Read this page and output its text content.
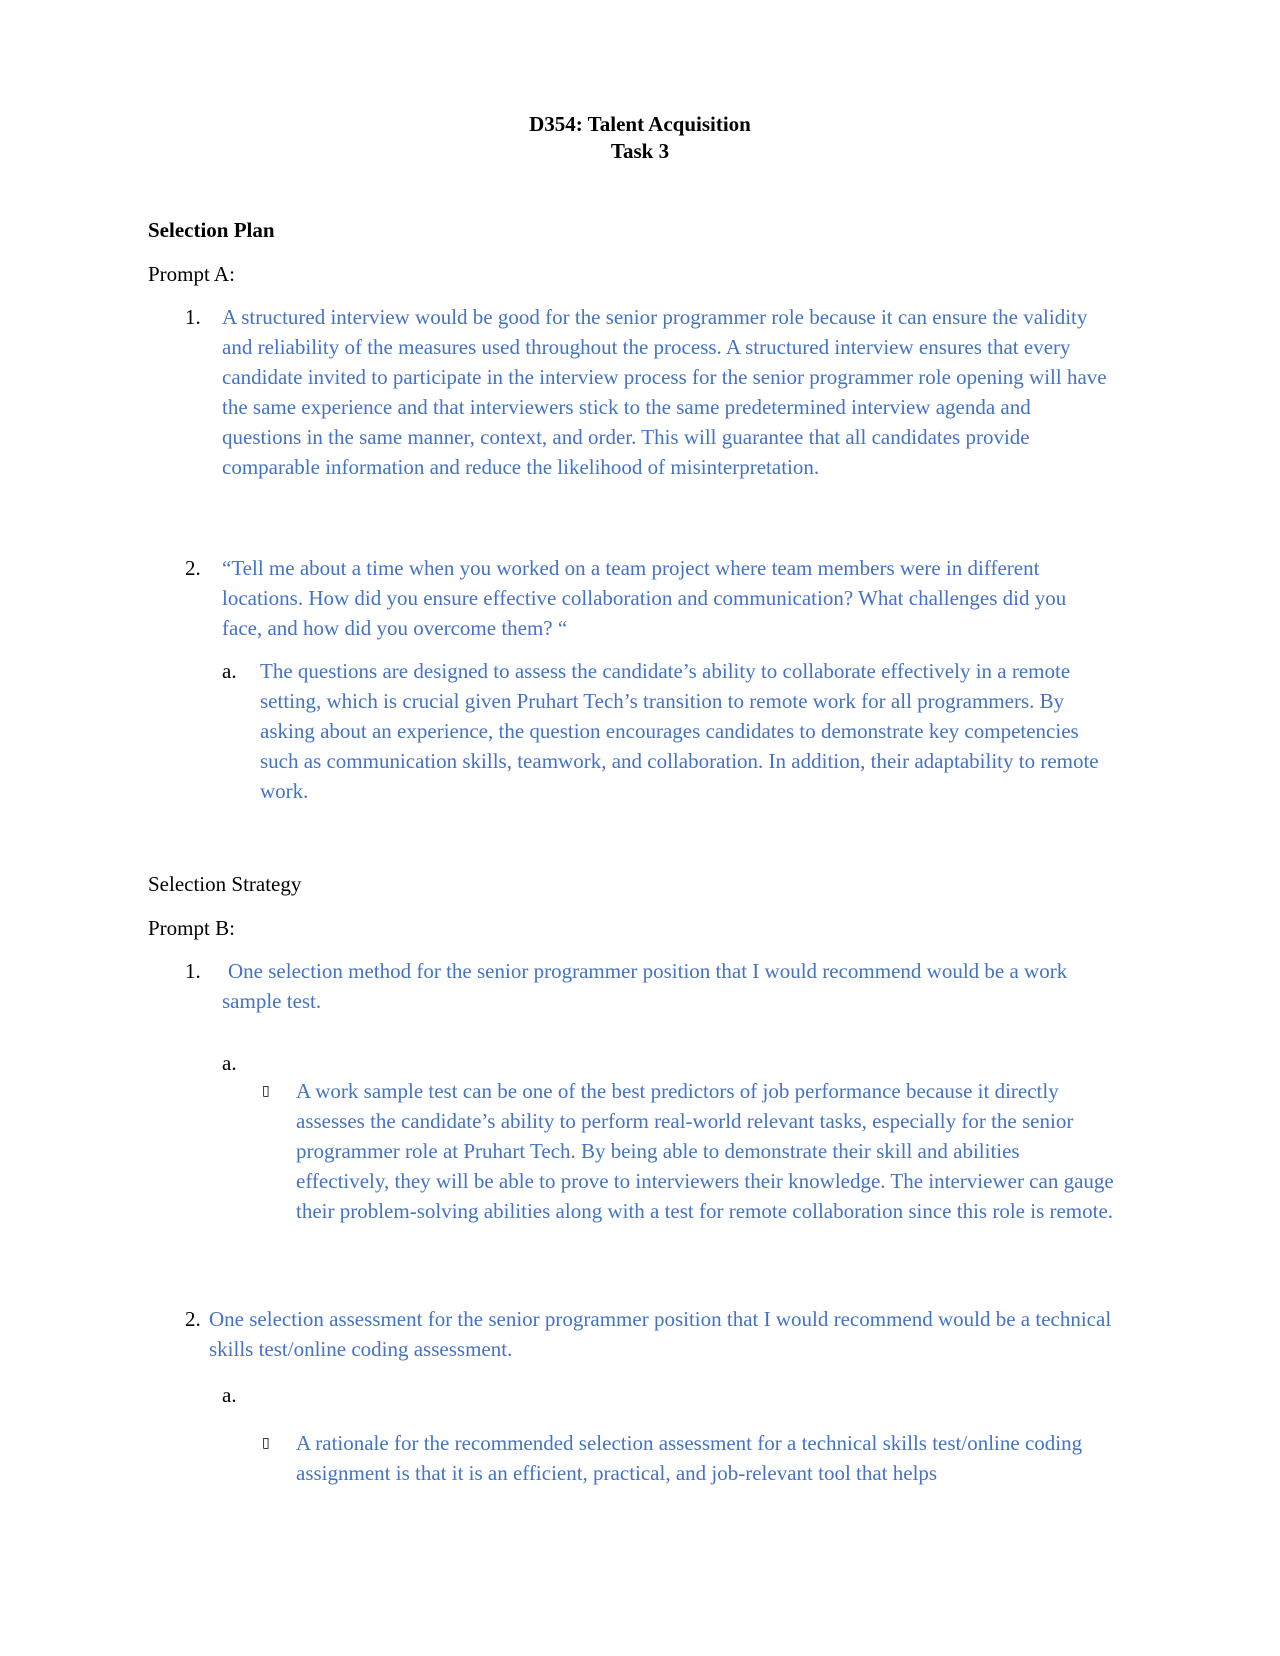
D354: Talent Acquisition
Task 3
Selection Plan
Prompt A:
1. A structured interview would be good for the senior programmer role because it can ensure the validity and reliability of the measures used throughout the process. A structured interview ensures that every candidate invited to participate in the interview process for the senior programmer role opening will have the same experience and that interviewers stick to the same predetermined interview agenda and questions in the same manner, context, and order. This will guarantee that all candidates provide comparable information and reduce the likelihood of misinterpretation.

2. “Tell me about a time when you worked on a team project where team members were in different locations. How did you ensure effective collaboration and communication? What challenges did you face, and how did you overcome them? “

a. The questions are designed to assess the candidate’s ability to collaborate effectively in a remote setting, which is crucial given Pruhart Tech’s transition to remote work for all programmers. By asking about an experience, the question encourages candidates to demonstrate key competencies such as communication skills, teamwork, and collaboration. In addition, their adaptability to remote work.

Selection Strategy
Prompt B:
1. One selection method for the senior programmer position that I would recommend would be a work sample test.

a.
▯ A work sample test can be one of the best predictors of job performance because it directly assesses the candidate’s ability to perform real-world relevant tasks, especially for the senior programmer role at Pruhart Tech. By being able to demonstrate their skill and abilities effectively, they will be able to prove to interviewers their knowledge. The interviewer can gauge their problem-solving abilities along with a test for remote collaboration since this role is remote.

2. One selection assessment for the senior programmer position that I would recommend would be a technical skills test/online coding assessment.

a.
▯ A rationale for the recommended selection assessment for a technical skills test/online coding assignment is that it is an efficient, practical, and job-relevant tool that helps
